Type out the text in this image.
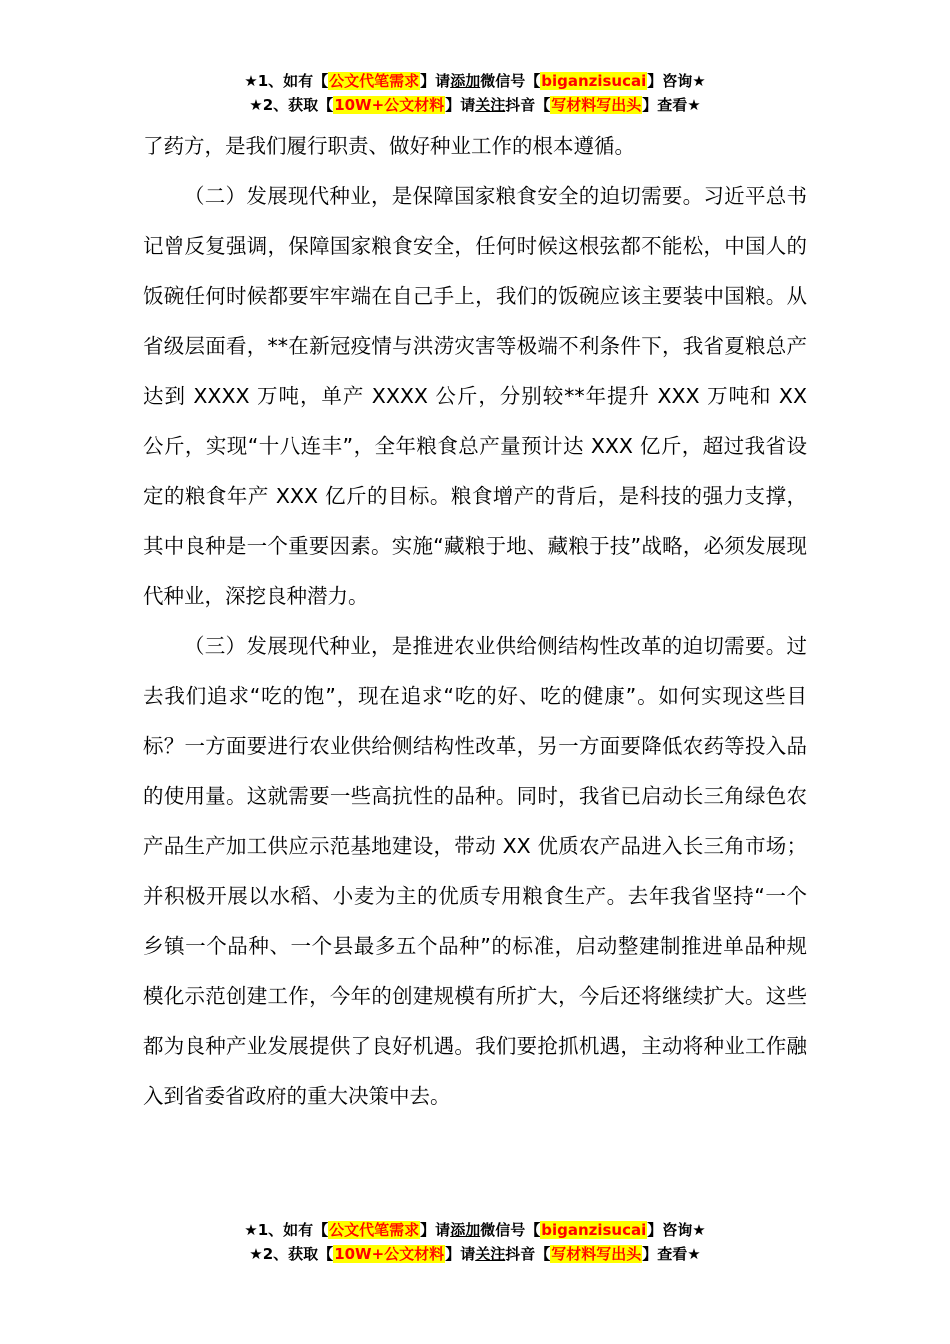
★1、如有【公文代笔需求】请添加微信号【biganzisucai】咨询★
★2、获取【10W+公文材料】请关注抖音【写材料写出头】查看★

了药方，是我们履行职责、做好种业工作的根本遵循。

（二）发展现代种业，是保障国家粮食安全的迫切需要。习近平总书记曾反复强调，保障国家粮食安全，任何时候这根弦都不能松，中国人的饭碗任何时候都要牢牢端在自己手上，我们的饭碗应该主要装中国粮。从省级层面看，**在新冠疫情与洪涝灾害等极端不利条件下，我省夏粮总产达到 XXXX 万吨，单产 XXXX 公斤，分别较**年提升 XXX 万吨和 XX 公斤，实现“十八连丰”，全年粮食总产量预计达 XXX 亿斤，超过我省设定的粮食年产 XXX 亿斤的目标。粮食增产的背后，是科技的强力支撑，其中良种是一个重要因素。实施“藏粮于地、藏粮于技”战略，必须发展现代种业，深挖良种潜力。

（三）发展现代种业，是推进农业供给侧结构性改革的迫切需要。过去我们追求“吃的饱”，现在追求“吃的好、吃的健康”。如何实现这些目标？一方面要进行农业供给侧结构性改革，另一方面要降低农药等投入品的使用量。这就需要一些高抗性的品种。同时，我省已启动长三角绿色农产品生产加工供应示范基地建设，带动 XX 优质农产品进入长三角市场；并积极开展以水稻、小麦为主的优质专用粮食生产。去年我省坚持“一个乡镇一个品种、一个县最多五个品种”的标准，启动整建制推进单品种规模化示范创建工作，今年的创建规模有所扩大，今后还将继续扩大。这些都为良种产业发展提供了良好机遇。我们要抢抓机遇，主动将种业工作融入到省委省政府的重大决策中去。

★1、如有【公文代笔需求】请添加微信号【biganzisucai】咨询★
★2、获取【10W+公文材料】请关注抖音【写材料写出头】查看★
